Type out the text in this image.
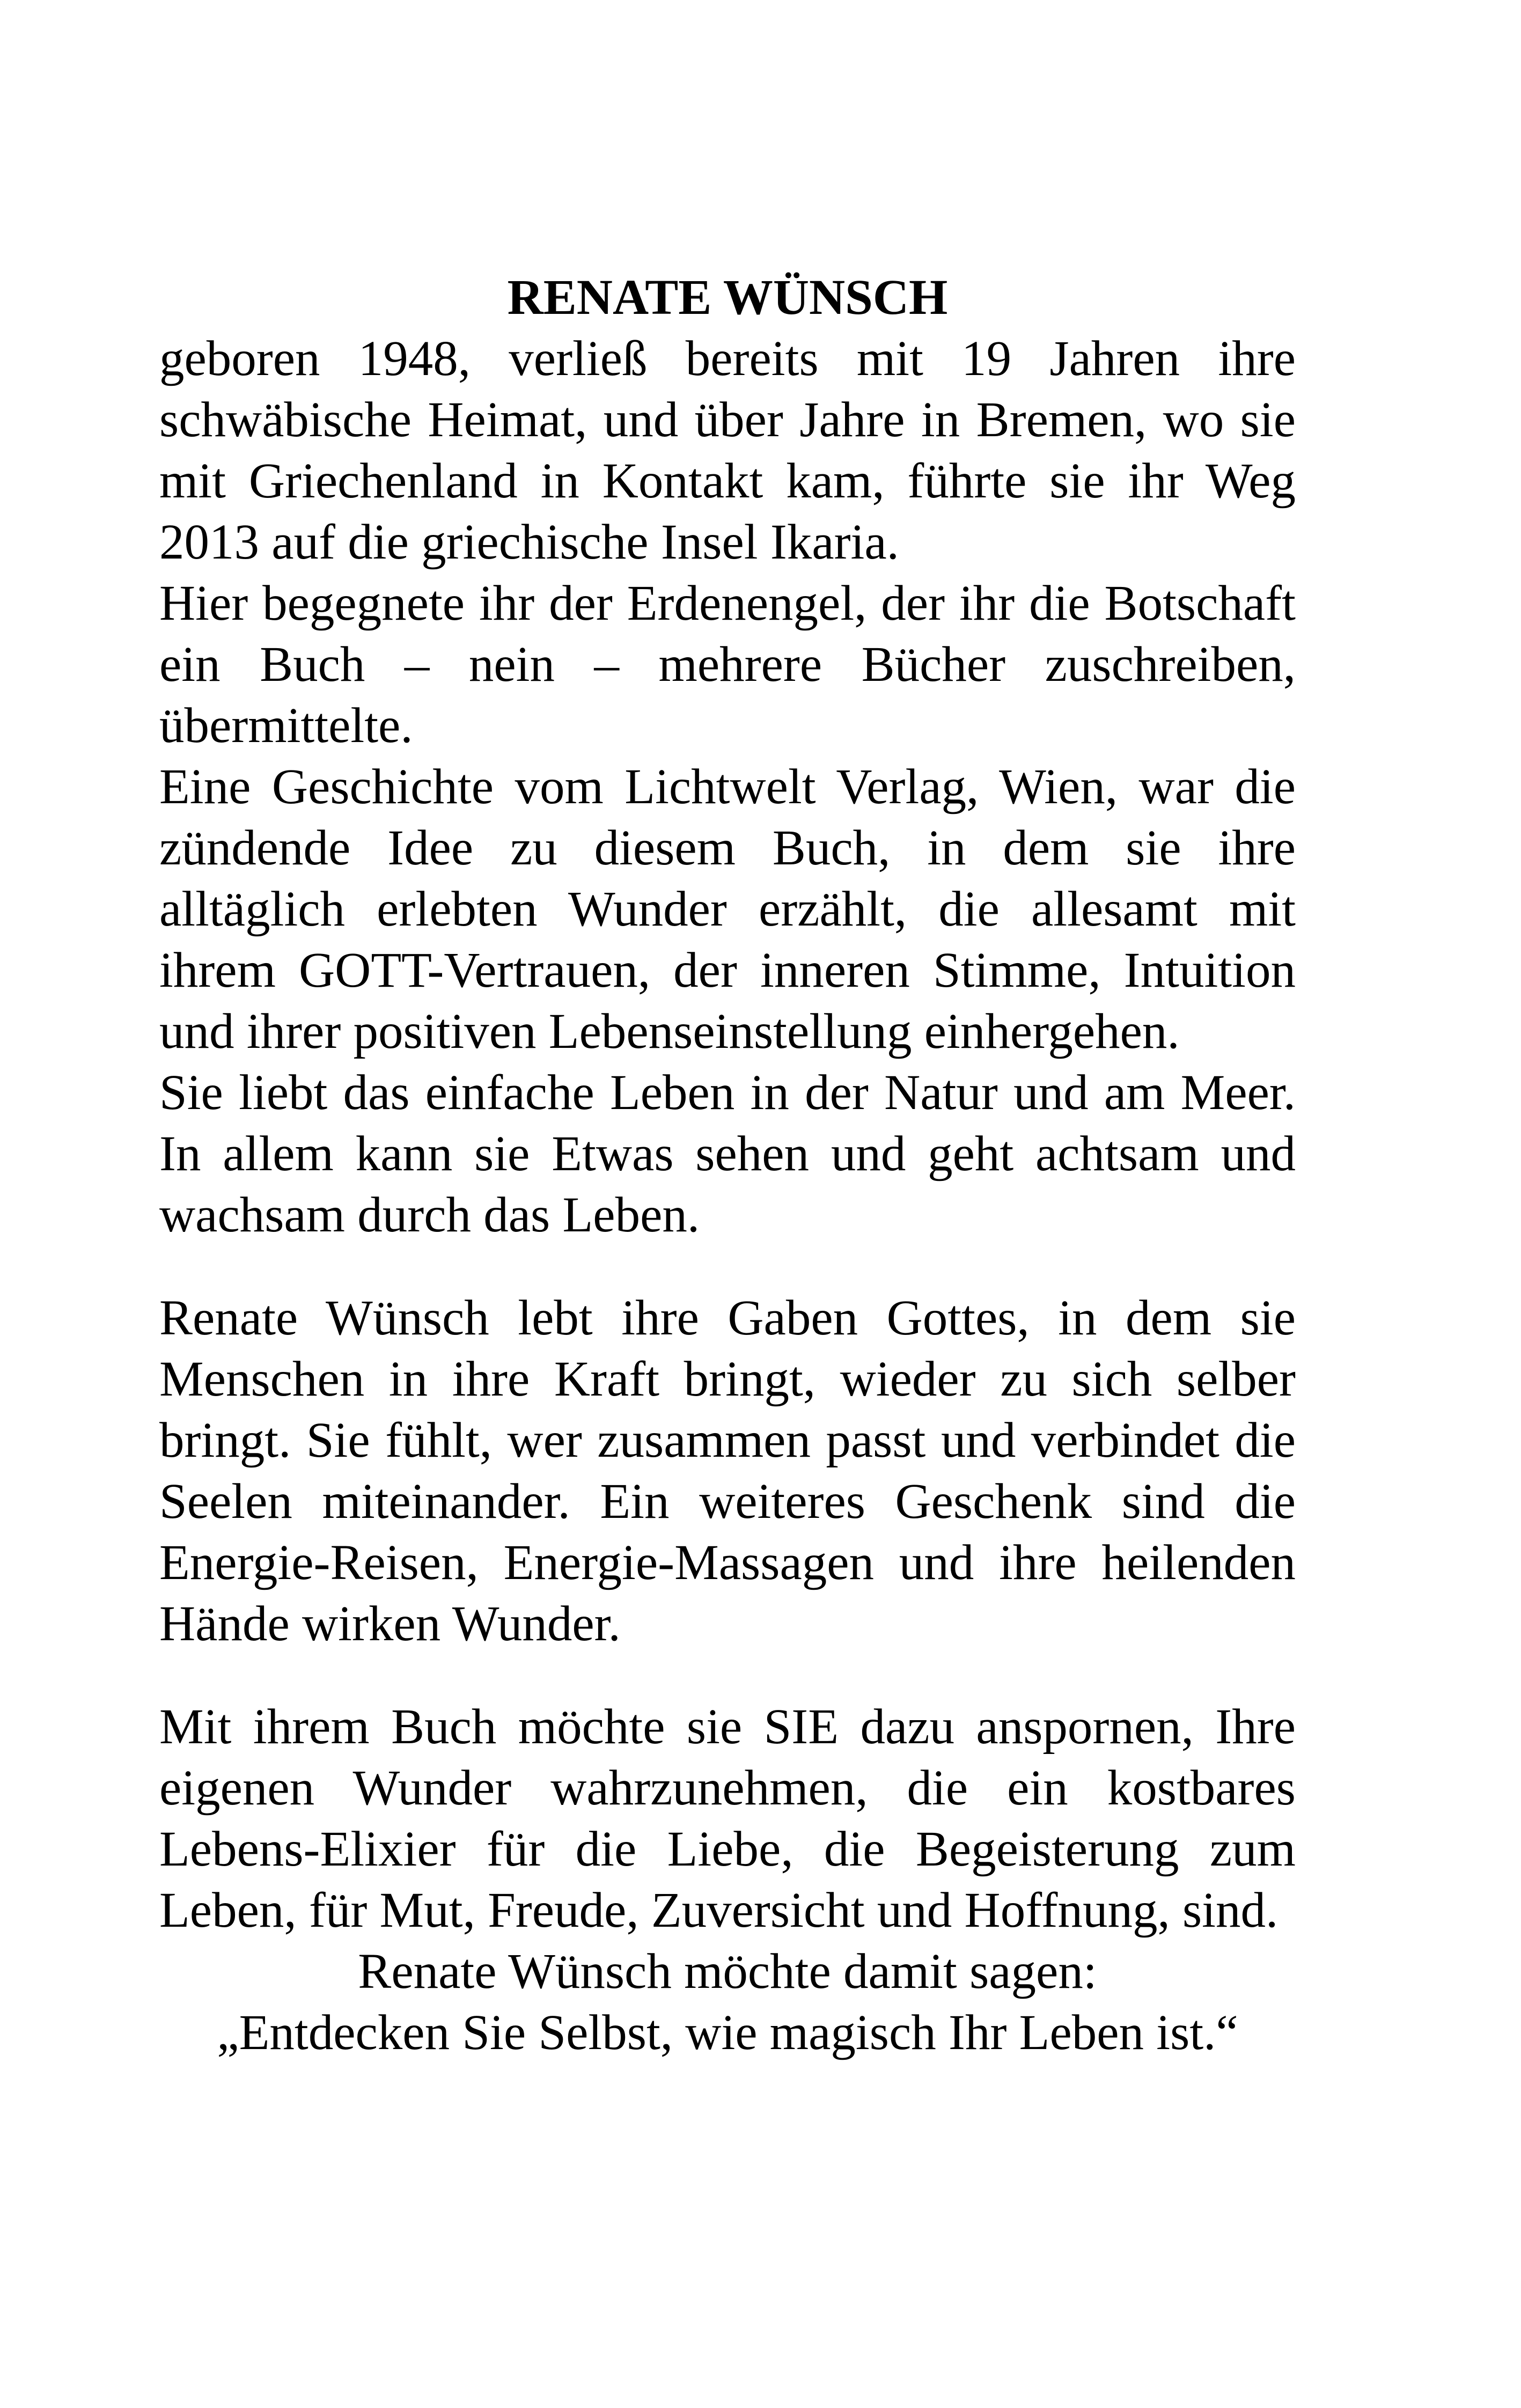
RENATE WÜNSCH

geboren 1948, verließ bereits mit 19 Jahren ihre schwäbische Heimat, und über Jahre in Bremen, wo sie mit Griechenland in Kontakt kam, führte sie ihr Weg 2013 auf die griechische Insel Ikaria.

Hier begegnete ihr der Erdenengel, der ihr die Botschaft ein Buch – nein – mehrere Bücher zuschreiben, übermittelte.

Eine Geschichte vom Lichtwelt Verlag, Wien, war die zündende Idee zu diesem Buch, in dem sie ihre alltäglich erlebten Wunder erzählt, die allesamt mit ihrem GOTT-Vertrauen, der inneren Stimme, Intuition und ihrer positiven Lebenseinstellung einhergehen.

Sie liebt das einfache Leben in der Natur und am Meer. In allem kann sie Etwas sehen und geht achtsam und wachsam durch das Leben.

Renate Wünsch lebt ihre Gaben Gottes, in dem sie Menschen in ihre Kraft bringt, wieder zu sich selber bringt. Sie fühlt, wer zusammen passt und verbindet die Seelen miteinander. Ein weiteres Geschenk sind die Energie-Reisen, Energie-Massagen und ihre heilenden Hände wirken Wunder.

Mit ihrem Buch möchte sie SIE dazu anspornen, Ihre eigenen Wunder wahrzunehmen, die ein kostbares Lebens-Elixier für die Liebe, die Begeisterung zum Leben, für Mut, Freude, Zuversicht und Hoffnung, sind.

Renate Wünsch möchte damit sagen:

„Entdecken Sie Selbst, wie magisch Ihr Leben ist.“
